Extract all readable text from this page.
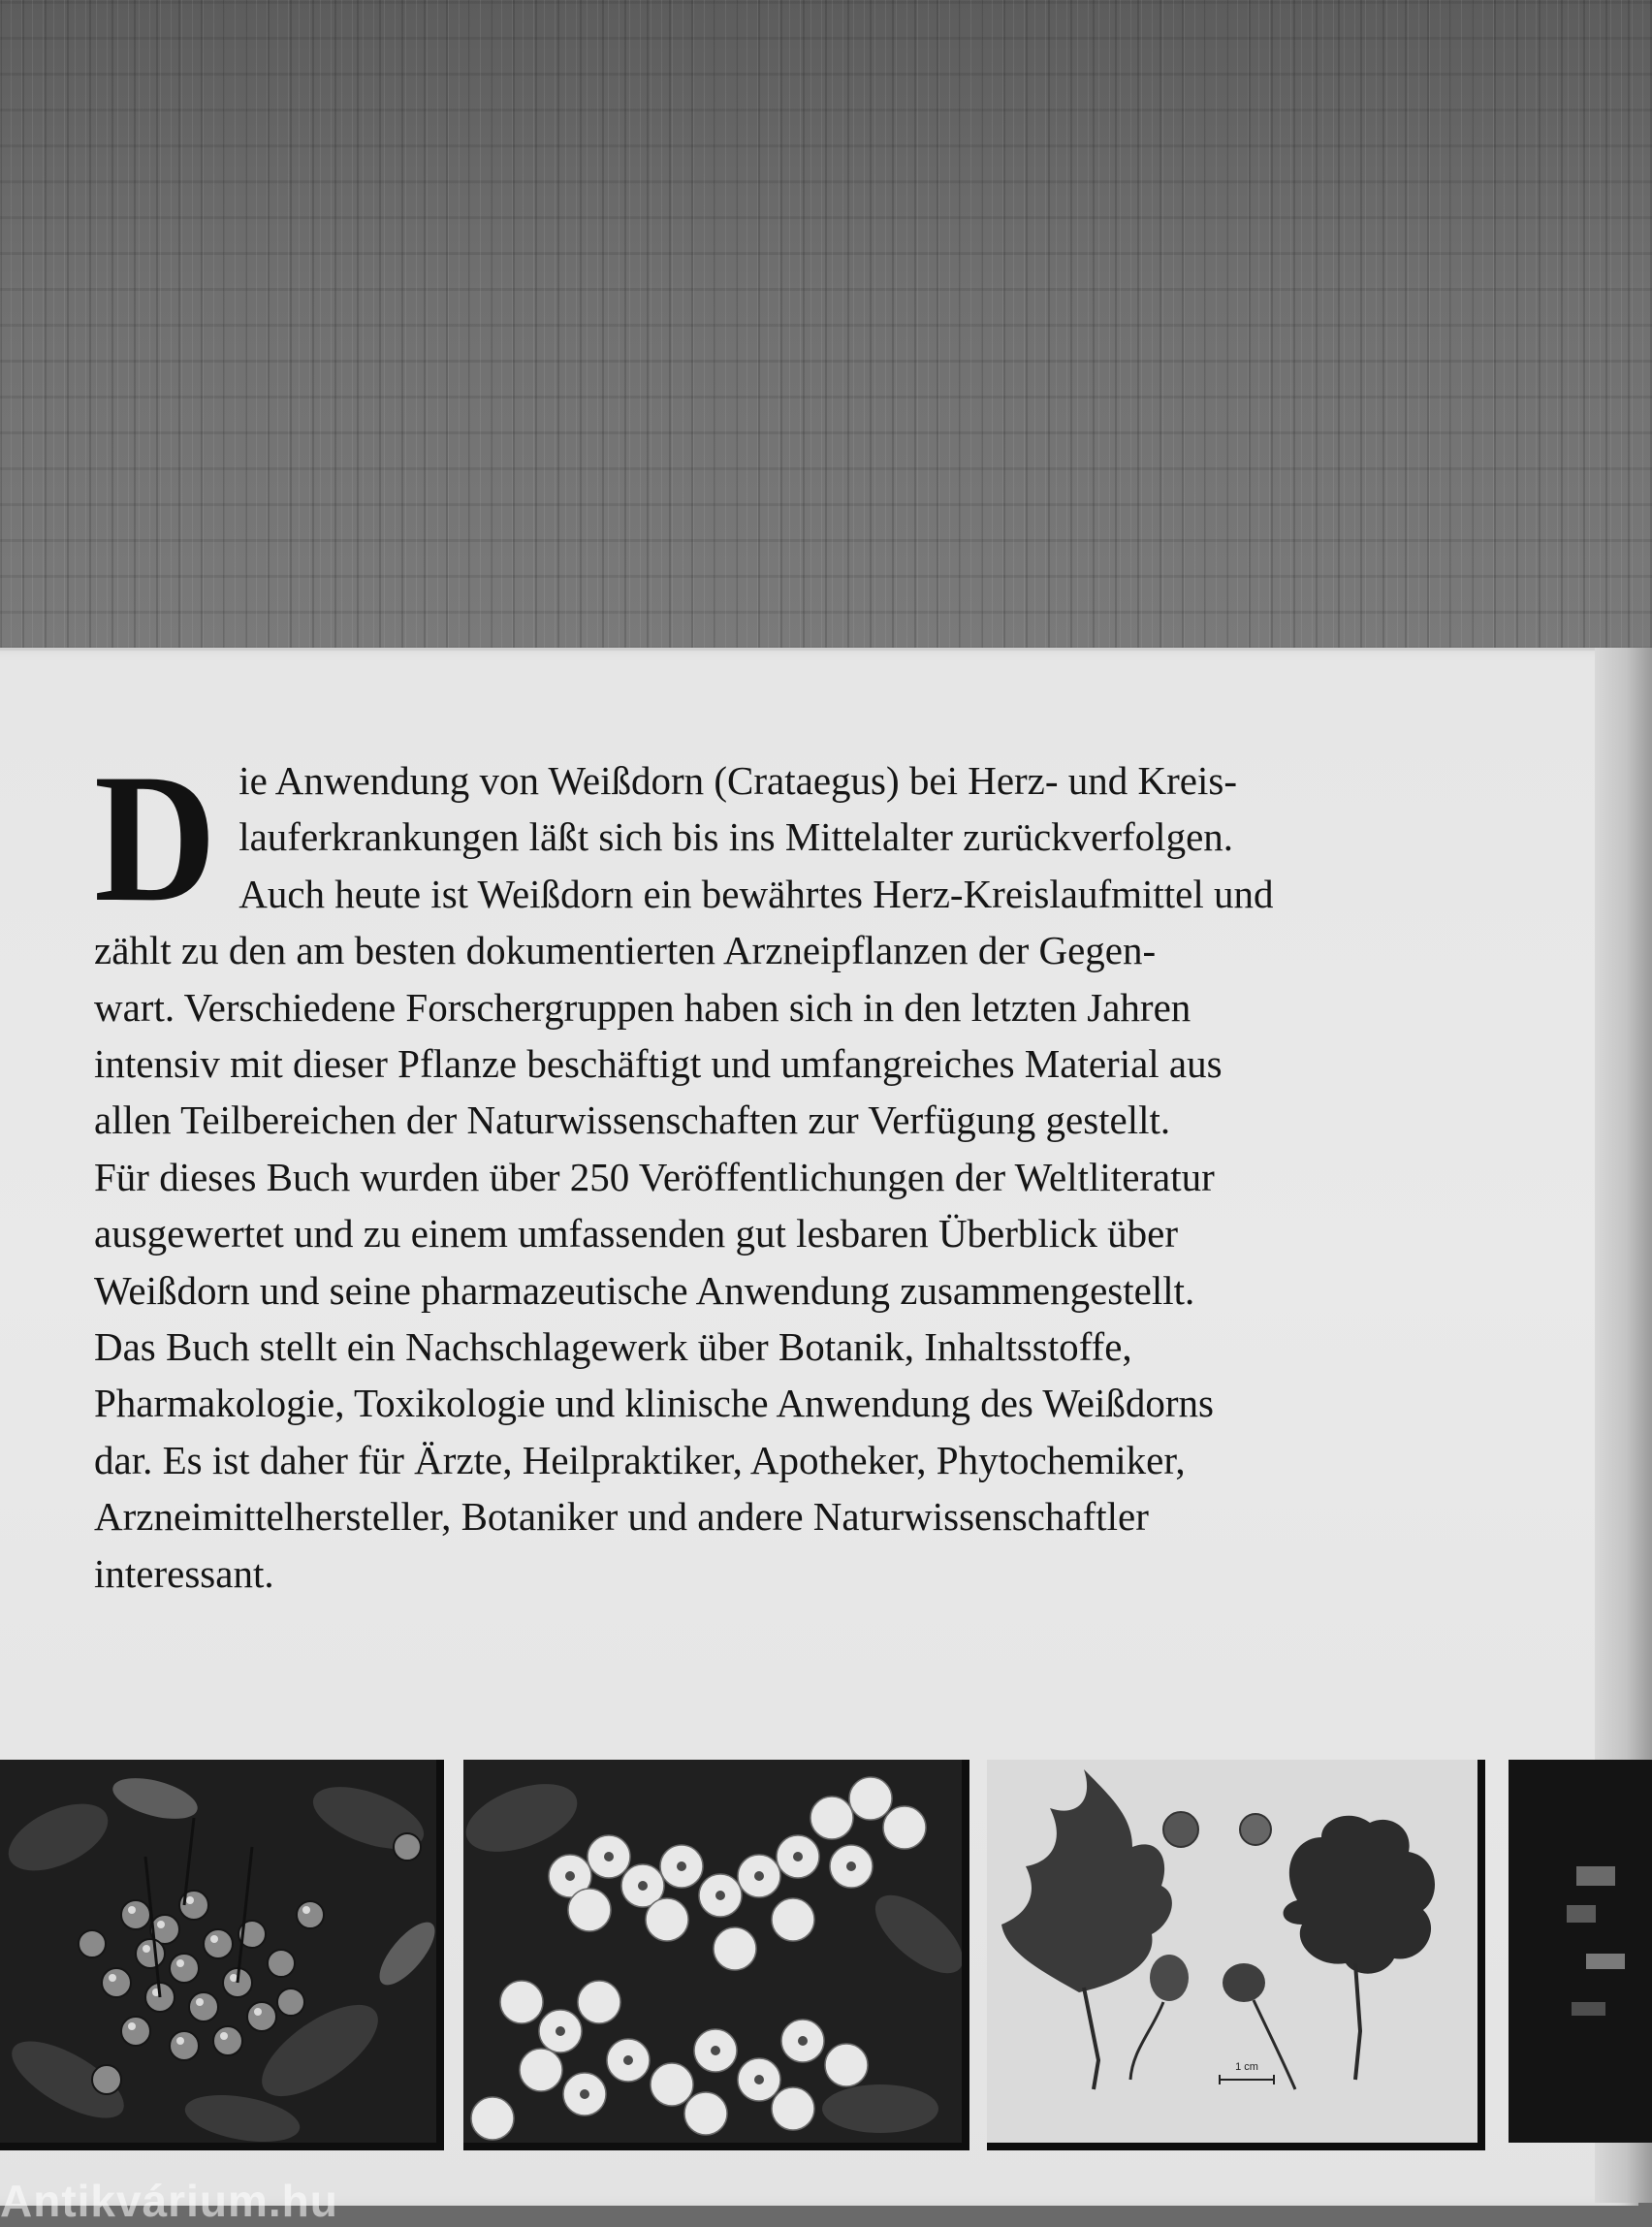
Die Anwendung von Weißdorn (Crataegus) bei Herz- und Kreis-
lauferkrankungen läßt sich bis ins Mittelalter zurückverfolgen.
Auch heute ist Weißdorn ein bewährtes Herz-Kreislaufmittel und
zählt zu den am besten dokumentierten Arzneipflanzen der Gegen-
wart. Verschiedene Forschergruppen haben sich in den letzten Jahren
intensiv mit dieser Pflanze beschäftigt und umfangreiches Material aus
allen Teilbereichen der Naturwissenschaften zur Verfügung gestellt.
Für dieses Buch wurden über 250 Veröffentlichungen der Weltliteratur
ausgewertet und zu einem umfassenden gut lesbaren Überblick über
Weißdorn und seine pharmazeutische Anwendung zusammengestellt.
Das Buch stellt ein Nachschlagewerk über Botanik, Inhaltsstoffe,
Pharmakologie, Toxikologie und klinische Anwendung des Weißdorns
dar. Es ist daher für Ärzte, Heilpraktiker, Apotheker, Phytochemiker,
Arzneimittelhersteller, Botaniker und andere Naturwissenschaftler
interessant.

1 cm
Antikvárium.hu
